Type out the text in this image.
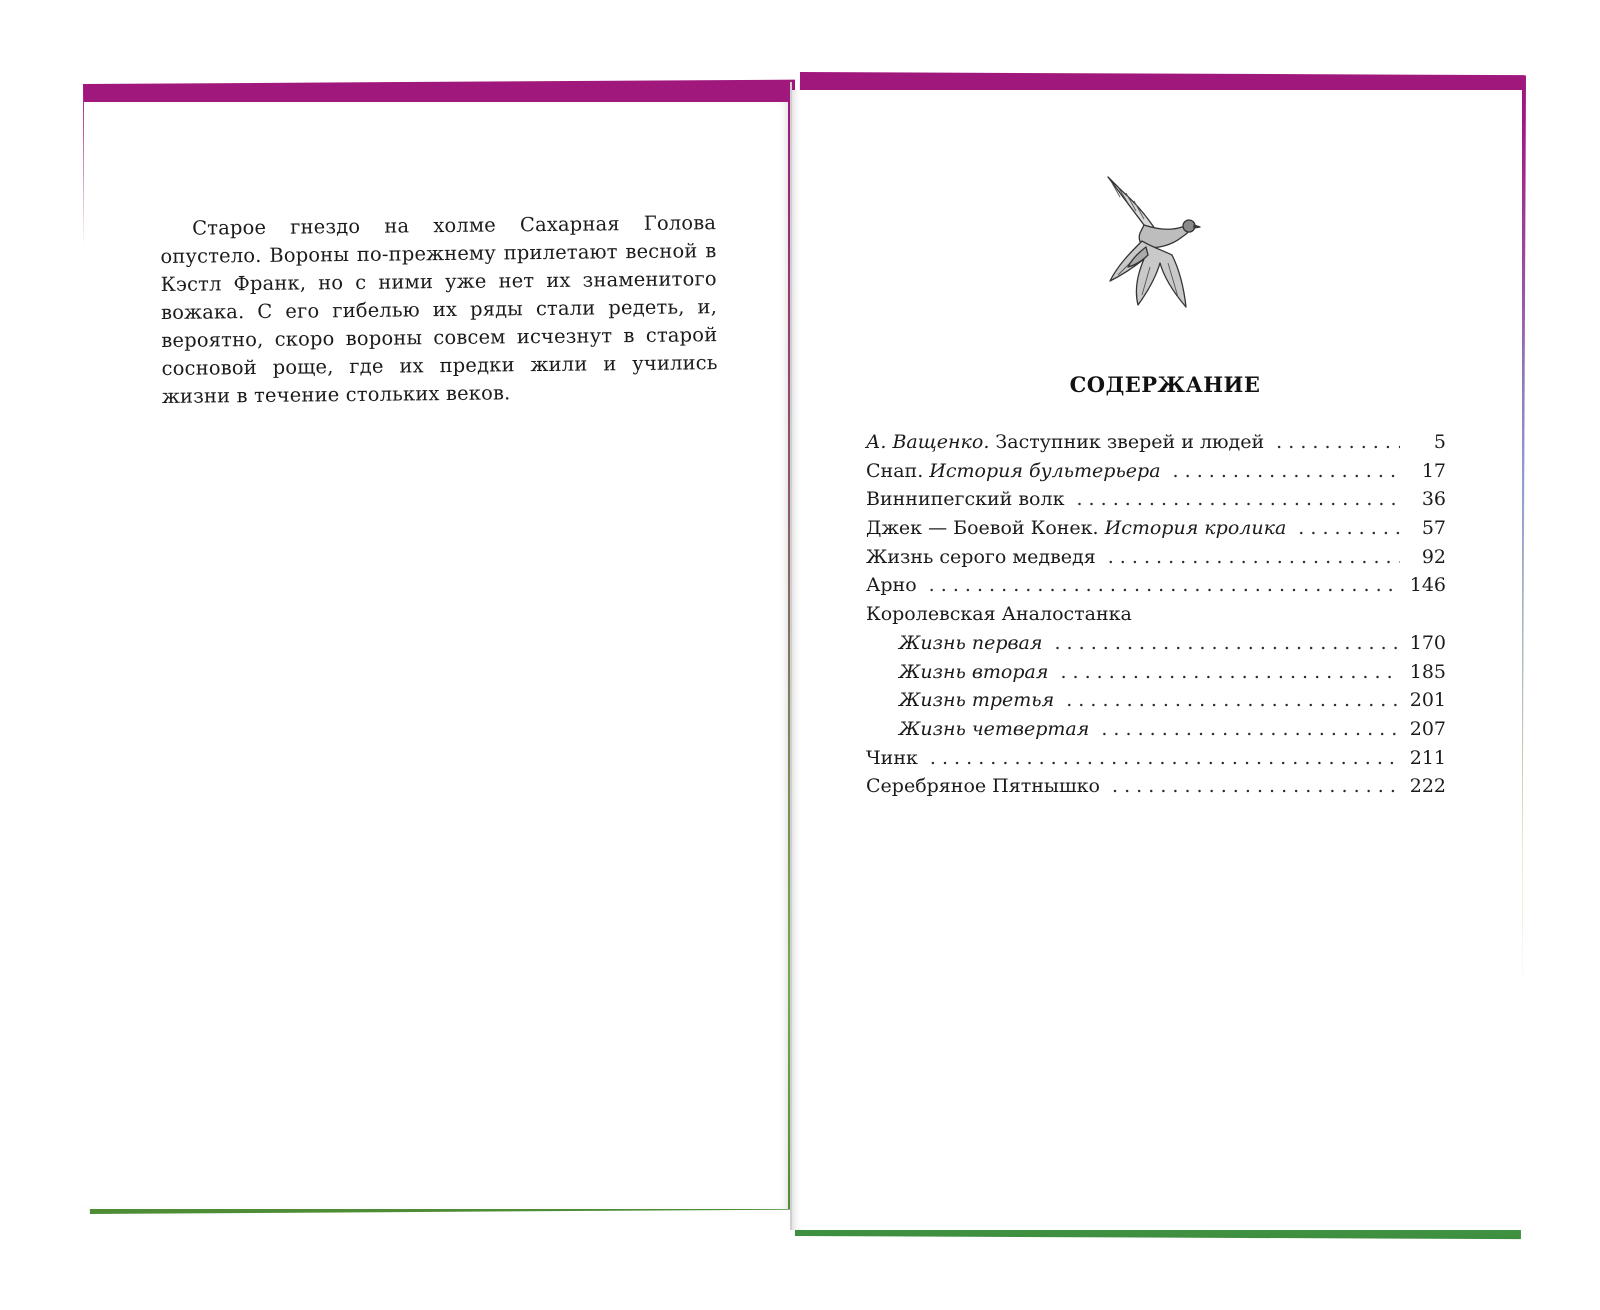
Старое гнездо на холме Сахарная Голова опустело. Вороны по-прежнему прилетают весной в Кэстл Франк, но с ними уже нет их знаменитого вожака. С его гибелью их ряды стали редеть, и, вероятно, скоро вороны совсем исчезнут в старой сосновой роще, где их предки жили и учились жизни в течение стольких веков.	СОДЕРЖАНИЕ
А. Ващенко. Заступник зверей и людей . . .	5
Снап. История бультерьера . . .	17
Виннипегский волк . . .	36
Джек — Боевой Конек. История кролика . . .	57
Жизнь серого медведя . . .	92
Арно . . .	146
Королевская Аналостанка
Жизнь первая . . .	170
Жизнь вторая . . .	185
Жизнь третья . . .	201
Жизнь четвертая . . .	207
Чинк . . .	211
Серебряное Пятнышко . . .	222
